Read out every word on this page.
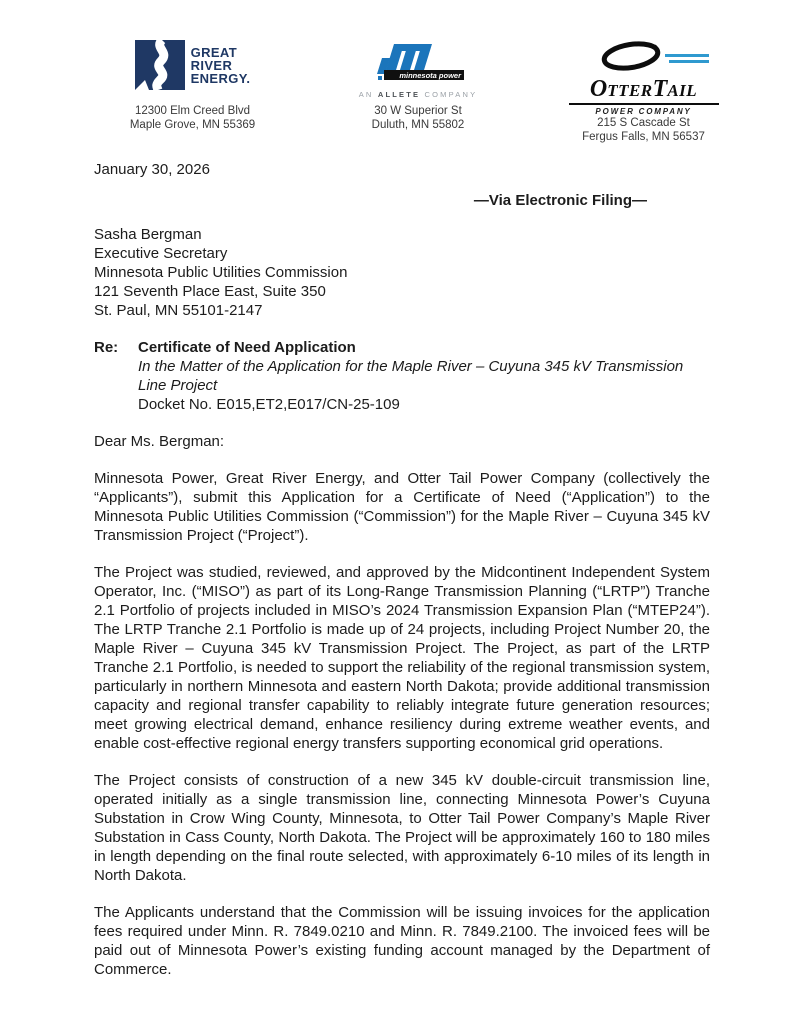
GREAT
RIVER
ENERGY.
12300 Elm Creed Blvd
Maple Grove, MN 55369
minnesota power
AN ALLETE COMPANY
30 W Superior St
Duluth, MN 55802
OTTERTAIL
POWER COMPANY
215 S Cascade St
Fergus Falls, MN 56537
January 30, 2026
—Via Electronic Filing—
Sasha Bergman
Executive Secretary
Minnesota Public Utilities Commission
121 Seventh Place East, Suite 350
St. Paul, MN 55101-2147
Re:	Certificate of Need Application
In the Matter of the Application for the Maple River – Cuyuna 345 kV Transmission Line Project
Docket No. E015,ET2,E017/CN-25-109
Dear Ms. Bergman:

Minnesota Power, Great River Energy, and Otter Tail Power Company (collectively the “Applicants”), submit this Application for a Certificate of Need (“Application”) to the Minnesota Public Utilities Commission (“Commission”) for the Maple River – Cuyuna 345 kV Transmission Project (“Project”).

The Project was studied, reviewed, and approved by the Midcontinent Independent System Operator, Inc. (“MISO”) as part of its Long-Range Transmission Planning (“LRTP”) Tranche 2.1 Portfolio of projects included in MISO’s 2024 Transmission Expansion Plan (“MTEP24”). The LRTP Tranche 2.1 Portfolio is made up of 24 projects, including Project Number 20, the Maple River – Cuyuna 345 kV Transmission Project. The Project, as part of the LRTP Tranche 2.1 Portfolio, is needed to support the reliability of the regional transmission system, particularly in northern Minnesota and eastern North Dakota; provide additional transmission capacity and regional transfer capability to reliably integrate future generation resources; meet growing electrical demand, enhance resiliency during extreme weather events, and enable cost-effective regional energy transfers supporting economical grid operations.

The Project consists of construction of a new 345 kV double-circuit transmission line, operated initially as a single transmission line, connecting Minnesota Power’s Cuyuna Substation in Crow Wing County, Minnesota, to Otter Tail Power Company’s Maple River Substation in Cass County, North Dakota. The Project will be approximately 160 to 180 miles in length depending on the final route selected, with approximately 6-10 miles of its length in North Dakota.

The Applicants understand that the Commission will be issuing invoices for the application fees required under Minn. R. 7849.0210 and Minn. R. 7849.2100. The invoiced fees will be paid out of Minnesota Power’s existing funding account managed by the Department of Commerce.
